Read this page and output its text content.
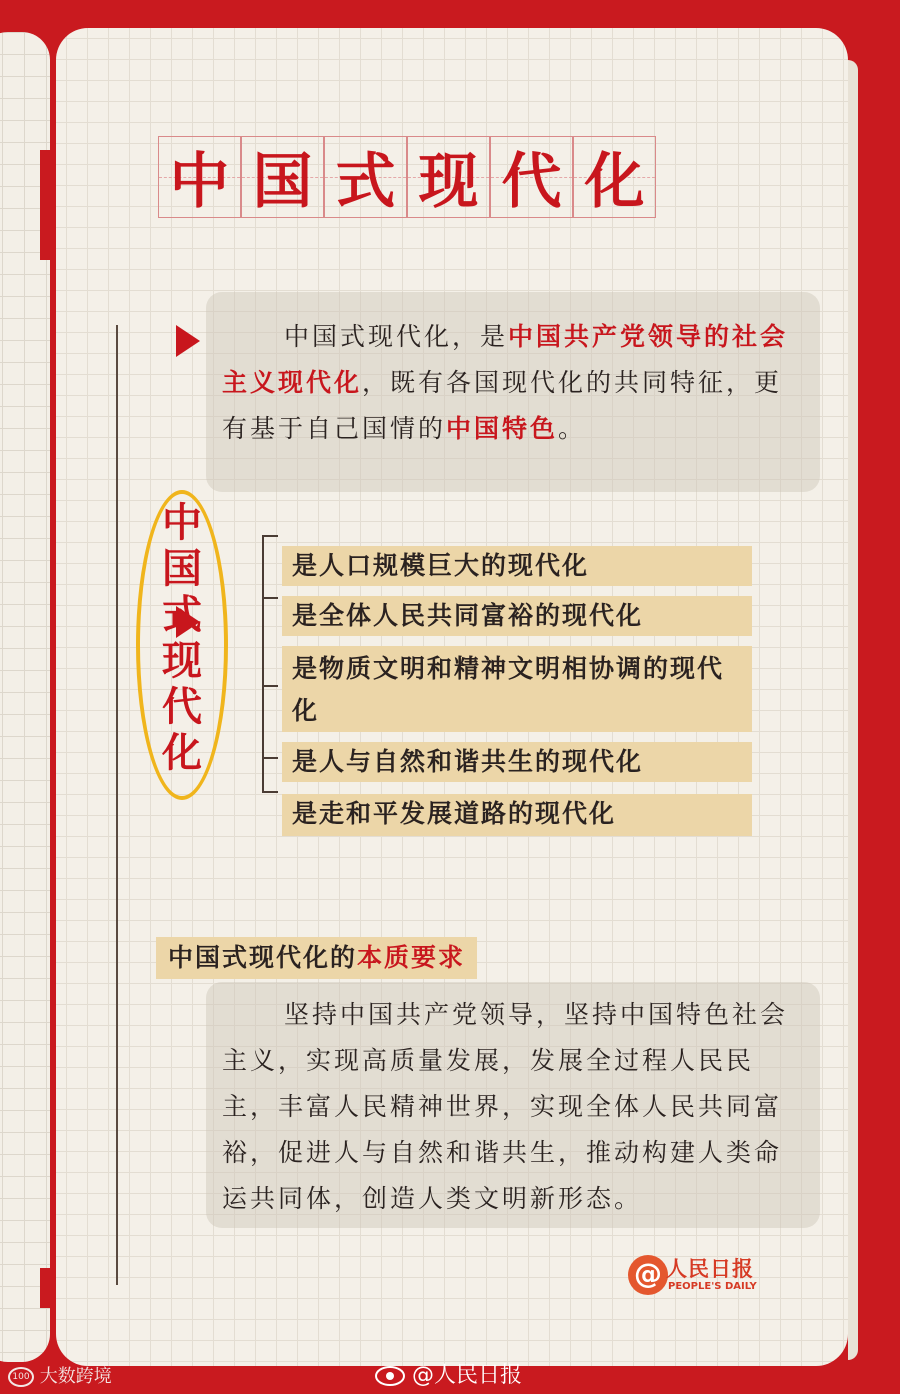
中 国 式 现 代 化
中国式现代化，是中国共产党领导的社会主义现代化，既有各国现代化的共同特征，更有基于自己国情的中国特色。
中
国
式
现
代
化
是人口规模巨大的现代化
是全体人民共同富裕的现代化
是物质文明和精神文明相协调的现代化
是人与自然和谐共生的现代化
是走和平发展道路的现代化
中国式现代化的本质要求
坚持中国共产党领导，坚持中国特色社会主义，实现高质量发展，发展全过程人民民主，丰富人民精神世界，实现全体人民共同富裕，促进人与自然和谐共生，推动构建人类命运共同体，创造人类文明新形态。
@ 人民日报
PEOPLE'S DAILY
100 大数跨境	@人民日报
